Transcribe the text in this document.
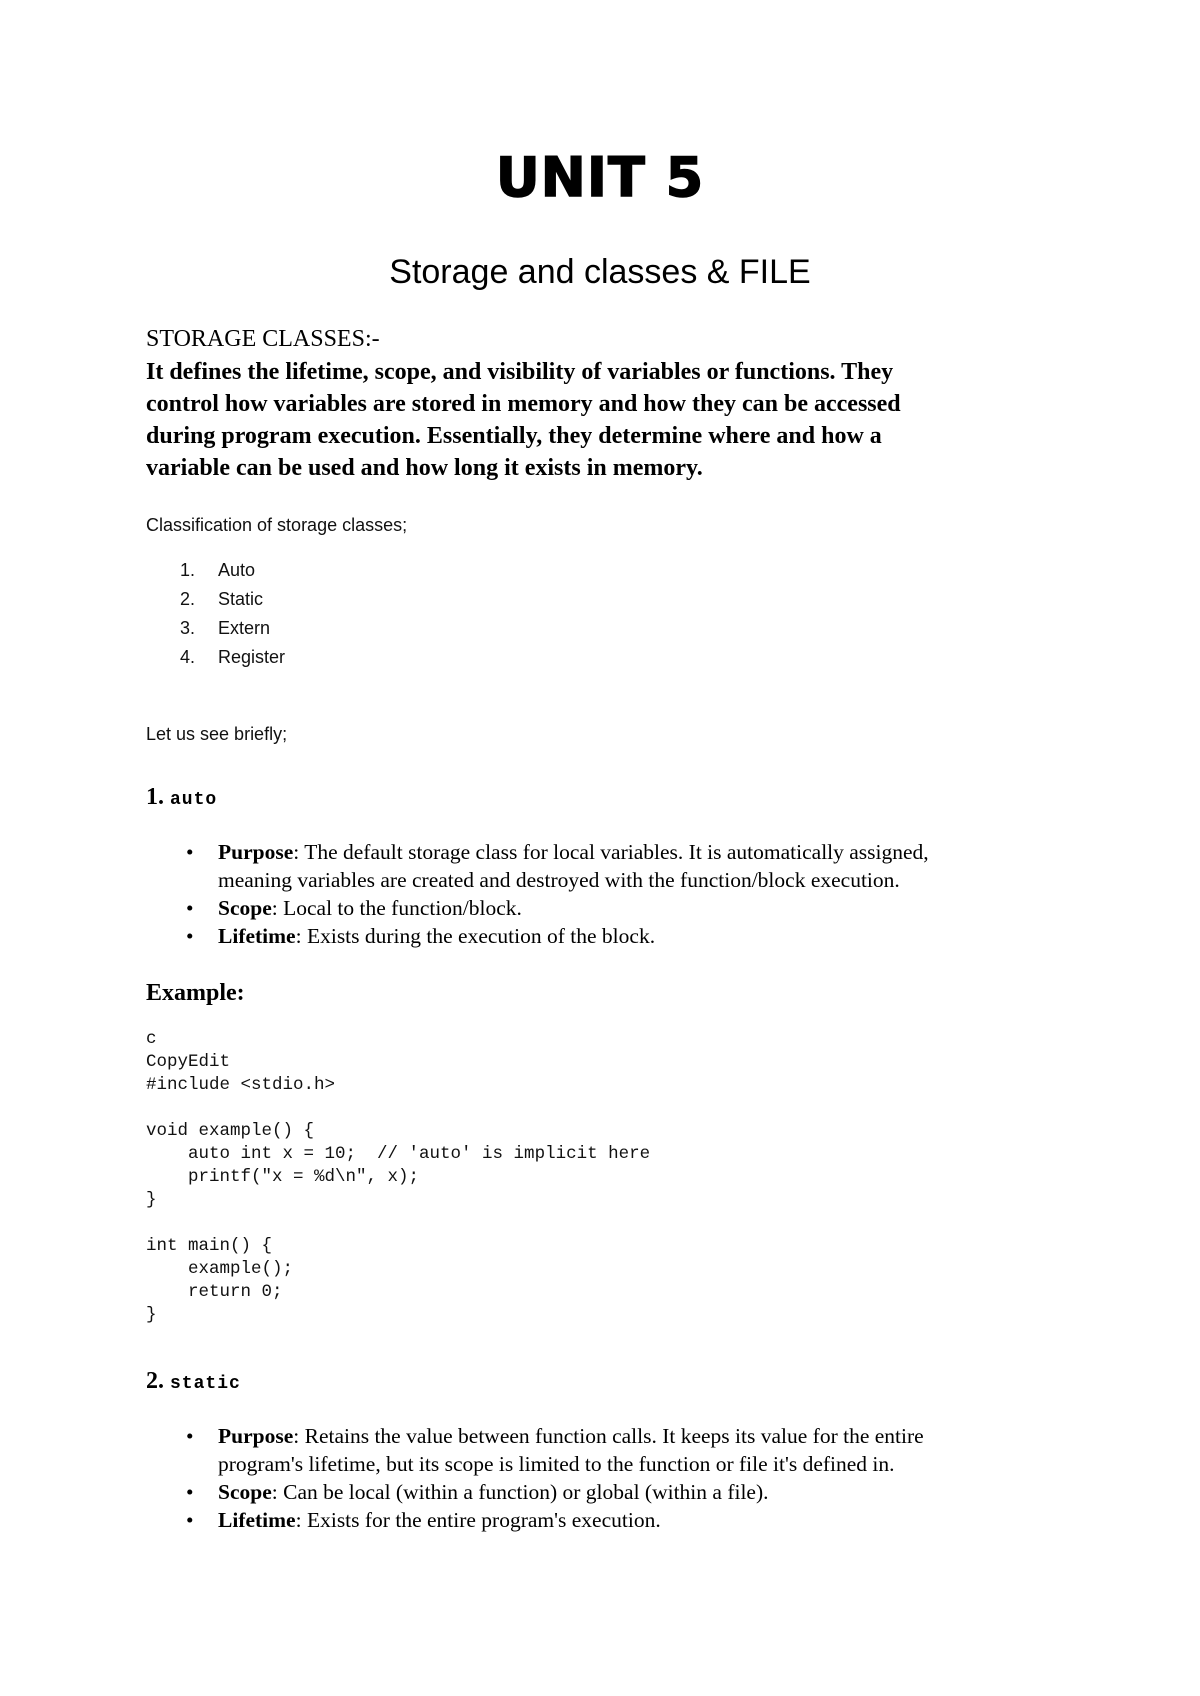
UNIT 5
Storage and classes & FILE
STORAGE CLASSES:-
It defines the lifetime, scope, and visibility of variables or functions. They
control how variables are stored in memory and how they can be accessed
during program execution. Essentially, they determine where and how a
variable can be used and how long it exists in memory.
Classification of storage classes;
1. Auto
2. Static
3. Extern
4. Register
Let us see briefly;
1. auto
• Purpose: The default storage class for local variables. It is automatically assigned,
meaning variables are created and destroyed with the function/block execution.
• Scope: Local to the function/block.
• Lifetime: Exists during the execution of the block.
Example:
c
CopyEdit
#include <stdio.h>
void example() {
auto int x = 10;  // 'auto' is implicit here
printf("x = %d\n", x);
}
int main() {
example();
return 0;
}
2. static
• Purpose: Retains the value between function calls. It keeps its value for the entire
program's lifetime, but its scope is limited to the function or file it's defined in.
• Scope: Can be local (within a function) or global (within a file).
• Lifetime: Exists for the entire program's execution.
